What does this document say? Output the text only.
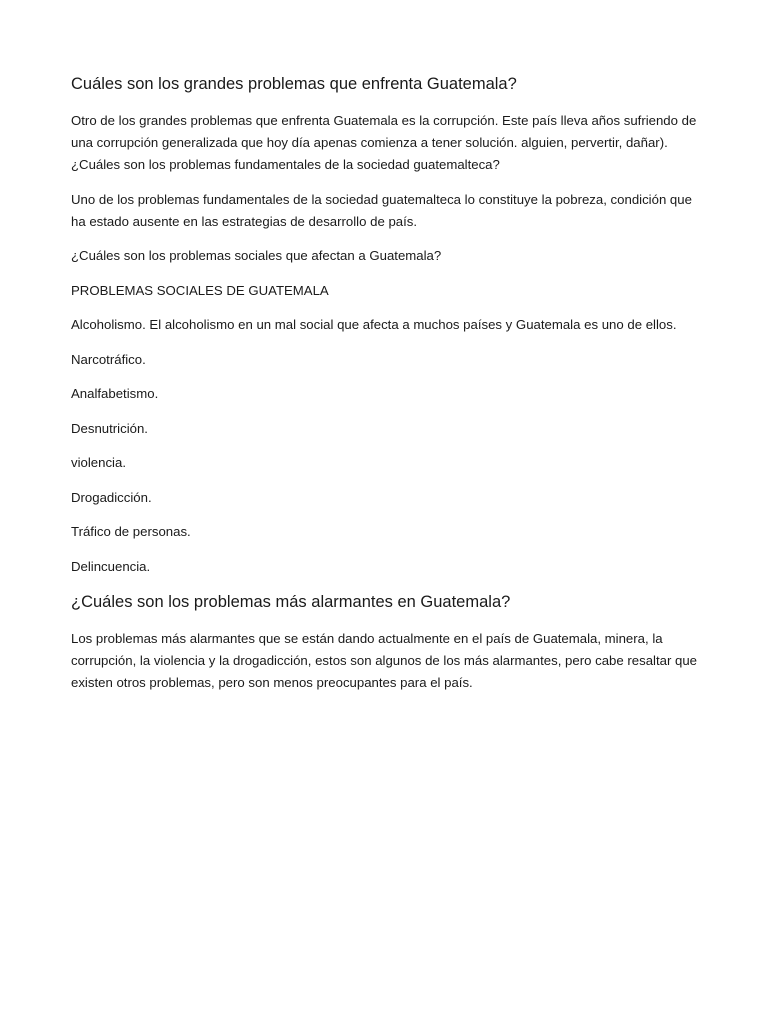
Cuáles son los grandes problemas que enfrenta Guatemala?

Otro de los grandes problemas que enfrenta Guatemala es la corrupción. Este país lleva años sufriendo de una corrupción generalizada que hoy día apenas comienza a tener solución. alguien, pervertir, dañar).¿Cuáles son los problemas fundamentales de la sociedad guatemalteca?

Uno de los problemas fundamentales de la sociedad guatemalteca lo constituye la pobreza, condición que ha estado ausente en las estrategias de desarrollo de país.

¿Cuáles son los problemas sociales que afectan a Guatemala?

PROBLEMAS SOCIALES DE GUATEMALA

Alcoholismo. El alcoholismo en un mal social que afecta a muchos países y Guatemala es uno de ellos.

Narcotráfico.

Analfabetismo.

Desnutrición.

violencia.

Drogadicción.

Tráfico de personas.

Delincuencia.

¿Cuáles son los problemas más alarmantes en Guatemala?

Los problemas más alarmantes que se están dando actualmente en el país de Guatemala, minera, la corrupción, la violencia y la drogadicción, estos son algunos de los más alarmantes, pero cabe resaltar que existen otros problemas, pero son menos preocupantes para el país.
